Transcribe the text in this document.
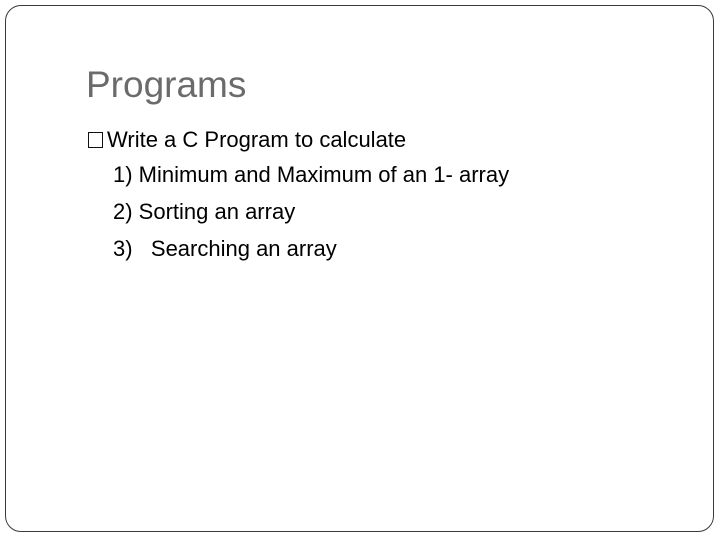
Programs
Write a C Program to calculate
1) Minimum and Maximum of an 1- array
2) Sorting an array
3)   Searching an array
